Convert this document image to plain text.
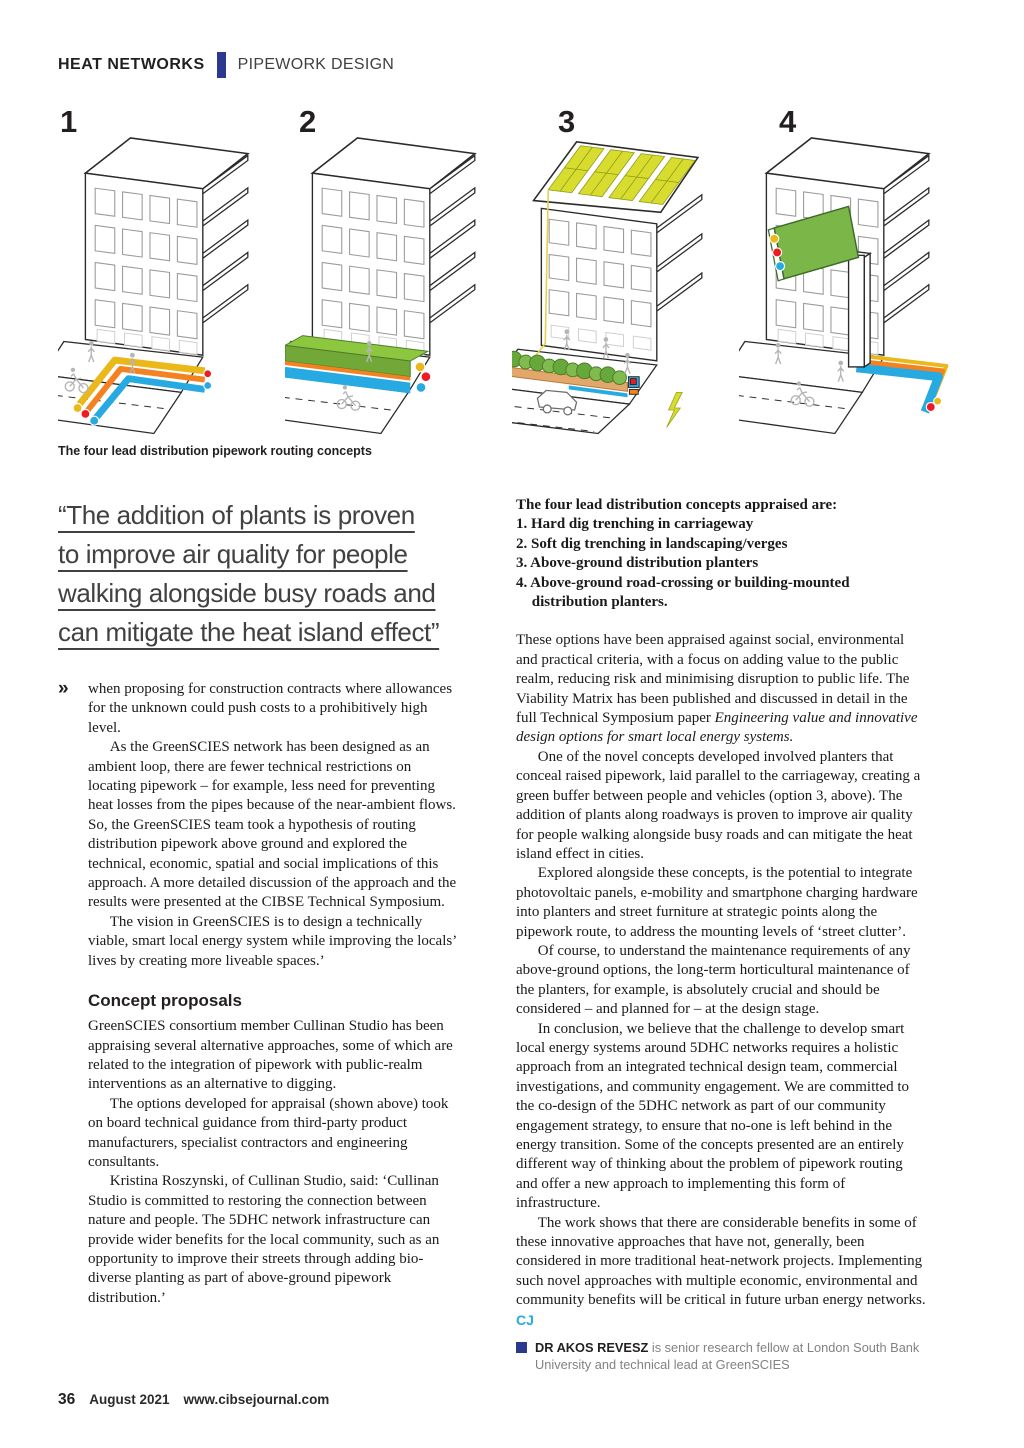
HEAT NETWORKS PIPEWORK DESIGN
1	2	3	4
The four lead distribution pipework routing concepts
“The addition of plants is proven
to improve air quality for people
walking alongside busy roads and
can mitigate the heat island effect”
» when proposing for construction contracts where allowances for the unknown could push costs to a prohibitively high level.

As the GreenSCIES network has been designed as an ambient loop, there are fewer technical restrictions on locating pipework – for example, less need for preventing heat losses from the pipes because of the near-ambient flows. So, the GreenSCIES team took a hypothesis of routing distribution pipework above ground and explored the technical, economic, spatial and social implications of this approach. A more detailed discussion of the approach and the results were presented at the CIBSE Technical Symposium.

The vision in GreenSCIES is to design a technically viable, smart local energy system while improving the locals’ lives by creating more liveable spaces.’

Concept proposals

GreenSCIES consortium member Cullinan Studio has been appraising several alternative approaches, some of which are related to the integration of pipework with public-realm interventions as an alternative to digging.

The options developed for appraisal (shown above) took on board technical guidance from third-party product manufacturers, specialist contractors and engineering consultants.

Kristina Roszynski, of Cullinan Studio, said: ‘Cullinan Studio is committed to restoring the connection between nature and people. The 5DHC network infrastructure can provide wider benefits for the local community, such as an opportunity to improve their streets through adding bio-diverse planting as part of above-ground pipework distribution.’

The four lead distribution concepts appraised are:
1. Hard dig trenching in carriageway
2. Soft dig trenching in landscaping/verges
3. Above-ground distribution planters
4. Above-ground road-crossing or building-mounted distribution planters.

These options have been appraised against social, environmental and practical criteria, with a focus on adding value to the public realm, reducing risk and minimising disruption to public life. The Viability Matrix has been published and discussed in detail in the full Technical Symposium paper Engineering value and innovative design options for smart local energy systems.

One of the novel concepts developed involved planters that conceal raised pipework, laid parallel to the carriageway, creating a green buffer between people and vehicles (option 3, above). The addition of plants along roadways is proven to improve air quality for people walking alongside busy roads and can mitigate the heat island effect in cities.

Explored alongside these concepts, is the potential to integrate photovoltaic panels, e-mobility and smartphone charging hardware into planters and street furniture at strategic points along the pipework route, to address the mounting levels of ‘street clutter’.

Of course, to understand the maintenance requirements of any above-ground options, the long-term horticultural maintenance of the planters, for example, is absolutely crucial and should be considered – and planned for – at the design stage.

In conclusion, we believe that the challenge to develop smart local energy systems around 5DHC networks requires a holistic approach from an integrated technical design team, commercial investigations, and community engagement. We are committed to the co-design of the 5DHC network as part of our community engagement strategy, to ensure that no-one is left behind in the energy transition. Some of the concepts presented are an entirely different way of thinking about the problem of pipework routing and offer a new approach to implementing this form of infrastructure.

The work shows that there are considerable benefits in some of these innovative approaches that have not, generally, been considered in more traditional heat-network projects. Implementing such novel approaches with multiple economic, environmental and community benefits will be critical in future urban energy networks. CJ

DR AKOS REVESZ is senior research fellow at London South Bank University and technical lead at GreenSCIES
36 August 2021 www.cibsejournal.com
